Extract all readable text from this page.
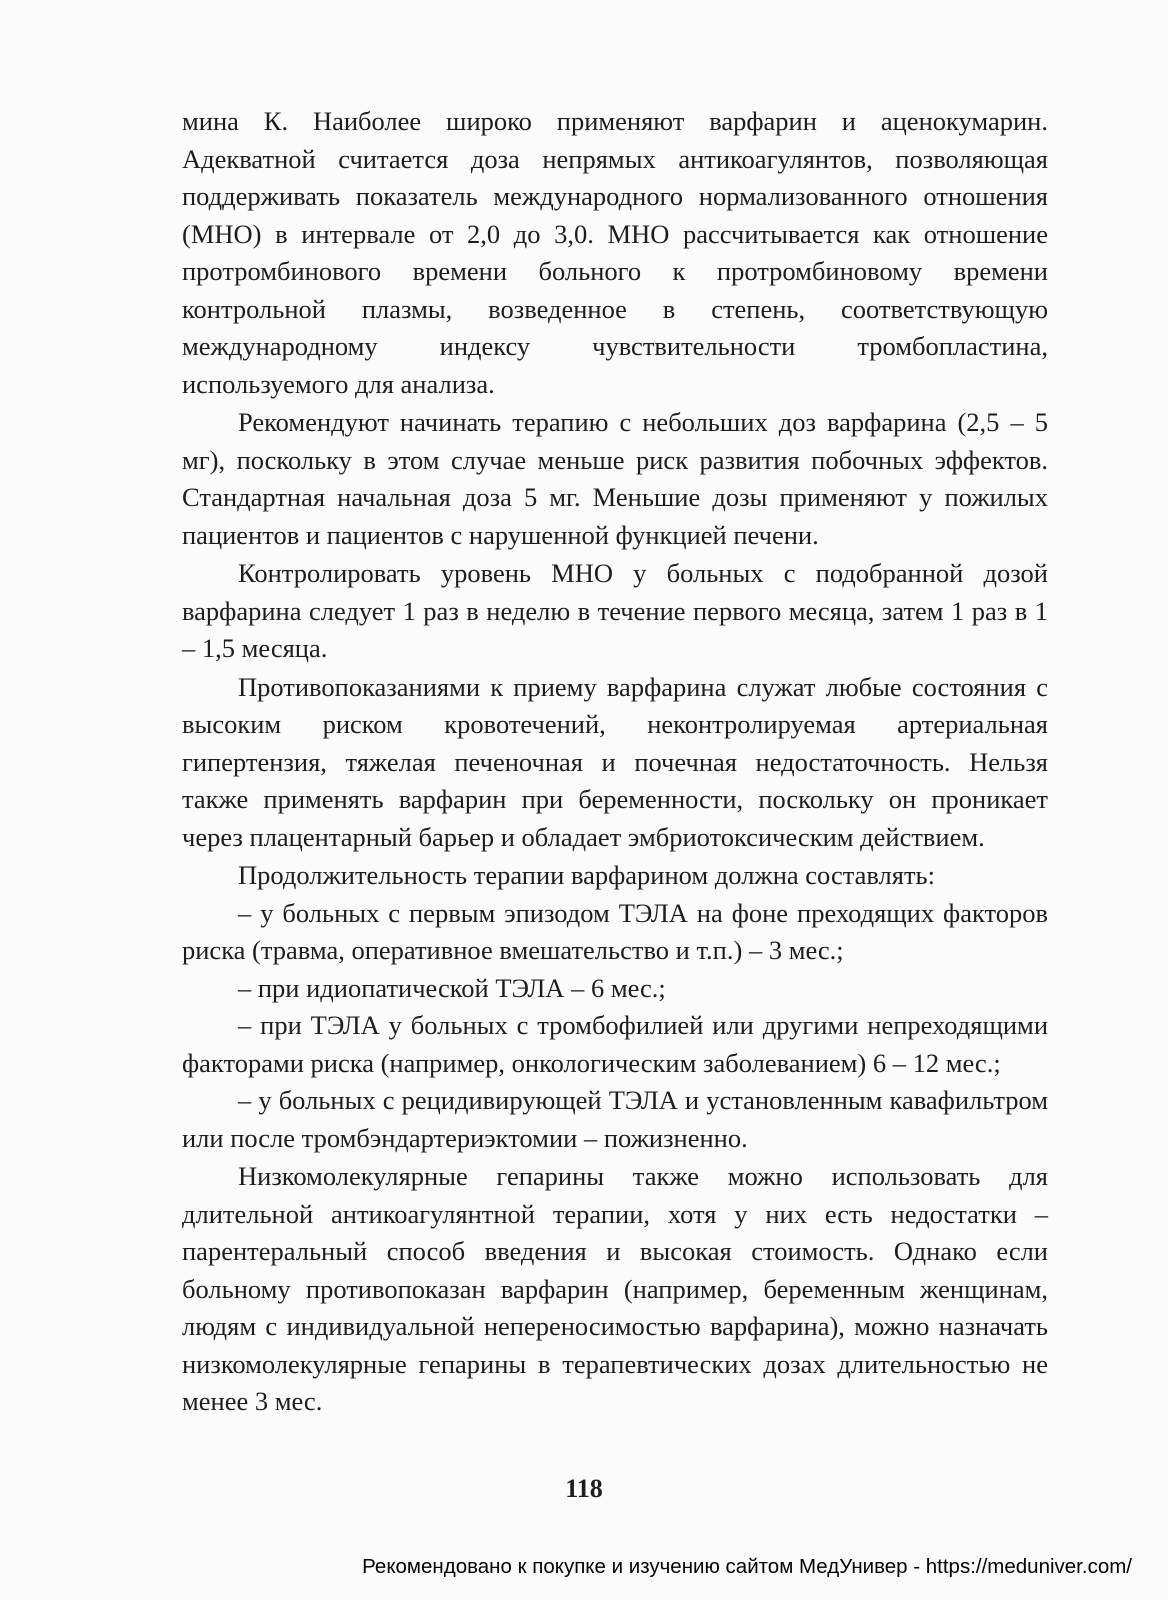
мина К. Наиболее широко применяют варфарин и аценокумарин. Адекватной считается доза непрямых антикоагулянтов, позволяющая поддерживать показатель международного нормализованного отношения (МНО) в интервале от 2,0 до 3,0. МНО рассчитывается как отношение протромбинового времени больного к протромбиновому времени контрольной плазмы, возведенное в степень, соответствующую международному индексу чувствительности тромбопластина, используемого для анализа.

Рекомендуют начинать терапию с небольших доз варфарина (2,5 – 5 мг), поскольку в этом случае меньше риск развития побочных эффектов. Стандартная начальная доза 5 мг. Меньшие дозы применяют у пожилых пациентов и пациентов с нарушенной функцией печени.

Контролировать уровень МНО у больных с подобранной дозой варфарина следует 1 раз в неделю в течение первого месяца, затем 1 раз в 1 – 1,5 месяца.

Противопоказаниями к приему варфарина служат любые состояния с высоким риском кровотечений, неконтролируемая артериальная гипертензия, тяжелая печеночная и почечная недостаточность. Нельзя также применять варфарин при беременности, поскольку он проникает через плацентарный барьер и обладает эмбриотоксическим действием.

Продолжительность терапии варфарином должна составлять:

– у больных с первым эпизодом ТЭЛА на фоне преходящих факторов риска (травма, оперативное вмешательство и т.п.) – 3 мес.;

– при идиопатической ТЭЛА – 6 мес.;

– при ТЭЛА у больных с тромбофилией или другими непреходящими факторами риска (например, онкологическим заболеванием) 6 – 12 мес.;

– у больных с рецидивирующей ТЭЛА и установленным кавафильтром или после тромбэндартериэктомии – пожизненно.

Низкомолекулярные гепарины также можно использовать для длительной антикоагулянтной терапии, хотя у них есть недостатки – парентеральный способ введения и высокая стоимость. Однако если больному противопоказан варфарин (например, беременным женщинам, людям с индивидуальной непереносимостью варфарина), можно назначать низкомолекулярные гепарины в терапевтических дозах длительностью не менее 3 мес.

118
Рекомендовано к покупке и изучению сайтом МедУнивер - https://meduniver.com/
